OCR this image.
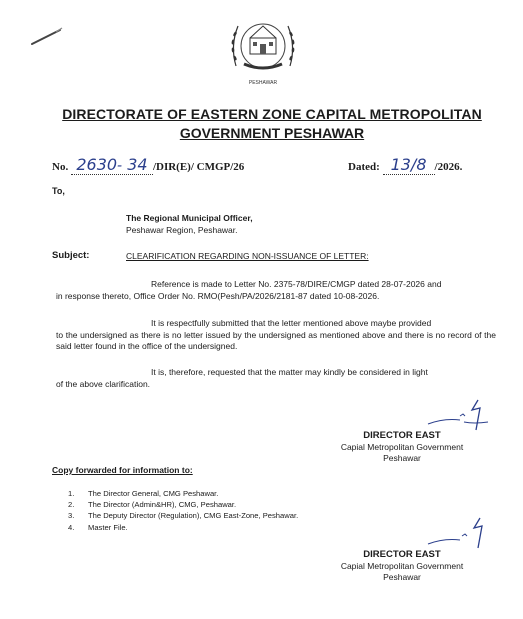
PESHAWAR
DIRECTORATE OF EASTERN ZONE CAPITAL METROPOLITAN
GOVERNMENT PESHAWAR
No. 2630- 34 /DIR(E)/ CMGP/26	Dated: 13/8 /2026.
To,
The Regional Municipal Officer,
Peshawar Region, Peshawar.
Subject:	CLEARIFICATION REGARDING NON-ISSUANCE OF LETTER:
Reference is made to Letter No. 2375-78/DIRE/CMGP dated 28-07-2026 and
in response thereto, Office Order No. RMO(Pesh/PA/2026/2181-87 dated 10-08-2026.
It is respectfully submitted that the letter mentioned above maybe provided
to the undersigned as there is no letter issued by the undersigned as mentioned above and there is no record of the said letter found in the office of the undersigned.
It is, therefore, requested that the matter may kindly be considered in light
of the above clarification.
DIRECTOR EAST
Capial Metropolitan Government
Peshawar
Copy forwarded for information to:
1. The Director General, CMG Peshawar.
2. The Director (Admin&HR), CMG, Peshawar.
3. The Deputy Director (Regulation), CMG East-Zone, Peshawar.
4. Master File.
DIRECTOR EAST
Capial Metropolitan Government
Peshawar
